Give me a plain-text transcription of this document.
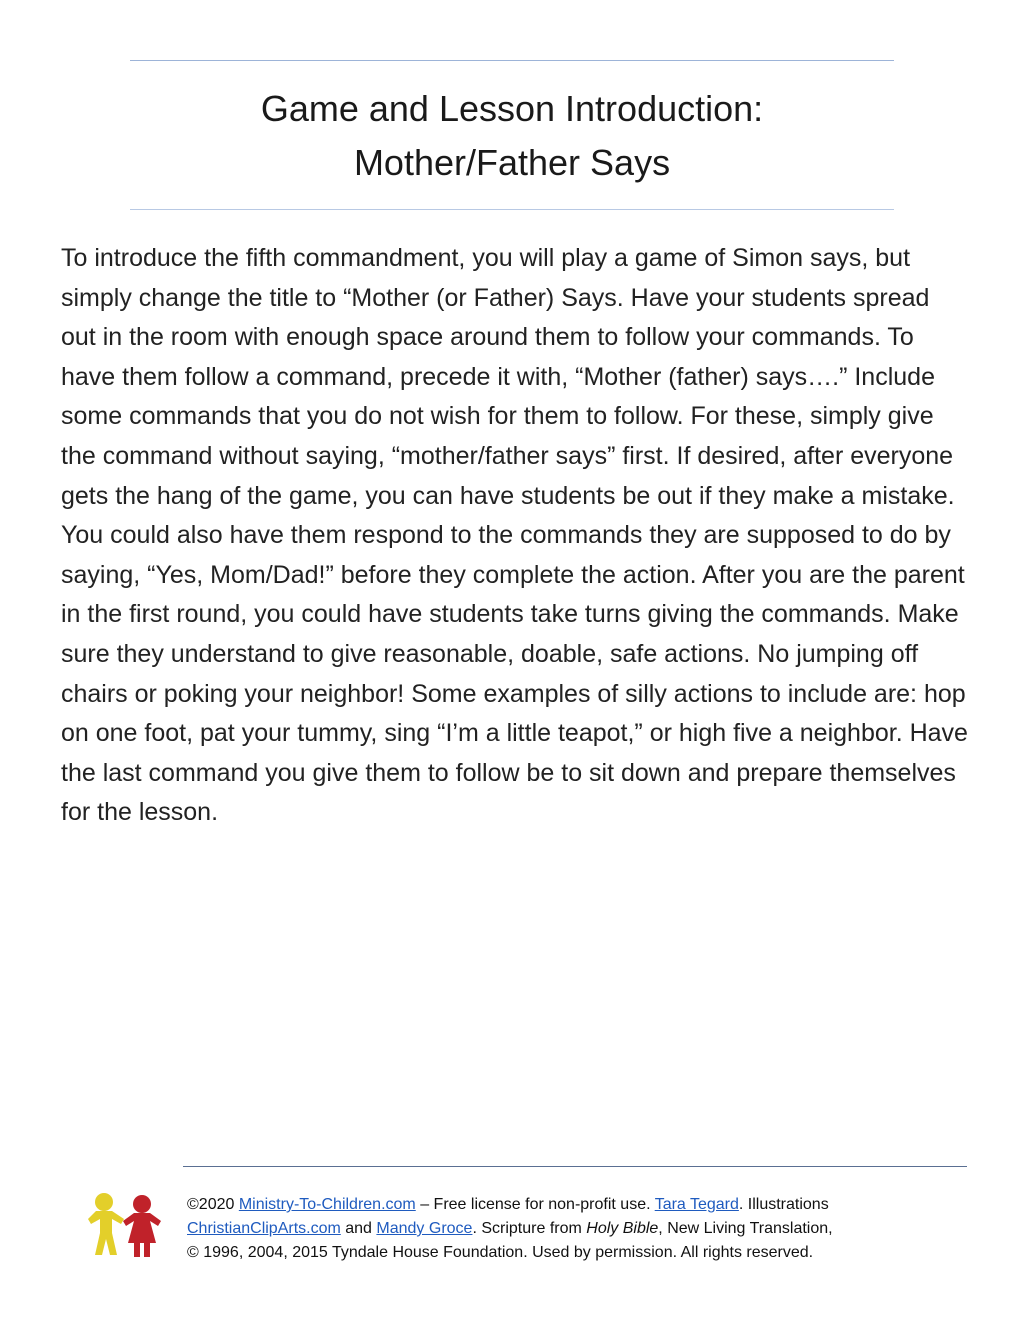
Game and Lesson Introduction:
Mother/Father Says

To introduce the fifth commandment, you will play a game of Simon says, but simply change the title to “Mother (or Father) Says. Have your students spread out in the room with enough space around them to follow your commands. To have them follow a command, precede it with, “Mother (father) says….” Include some commands that you do not wish for them to follow. For these, simply give the command without saying, “mother/father says” first. If desired, after everyone gets the hang of the game, you can have students be out if they make a mistake. You could also have them respond to the commands they are supposed to do by saying, “Yes, Mom/Dad!” before they complete the action. After you are the parent in the first round, you could have students take turns giving the commands. Make sure they understand to give reasonable, doable, safe actions. No jumping off chairs or poking your neighbor! Some examples of silly actions to include are: hop on one foot, pat your tummy, sing “I’m a little teapot,” or high five a neighbor. Have the last command you give them to follow be to sit down and prepare themselves for the lesson.

©2020 Ministry-To-Children.com – Free license for non-profit use. Tara Tegard. Illustrations
ChristianClipArts.com and Mandy Groce. Scripture from Holy Bible, New Living Translation,
© 1996, 2004, 2015 Tyndale House Foundation. Used by permission. All rights reserved.
